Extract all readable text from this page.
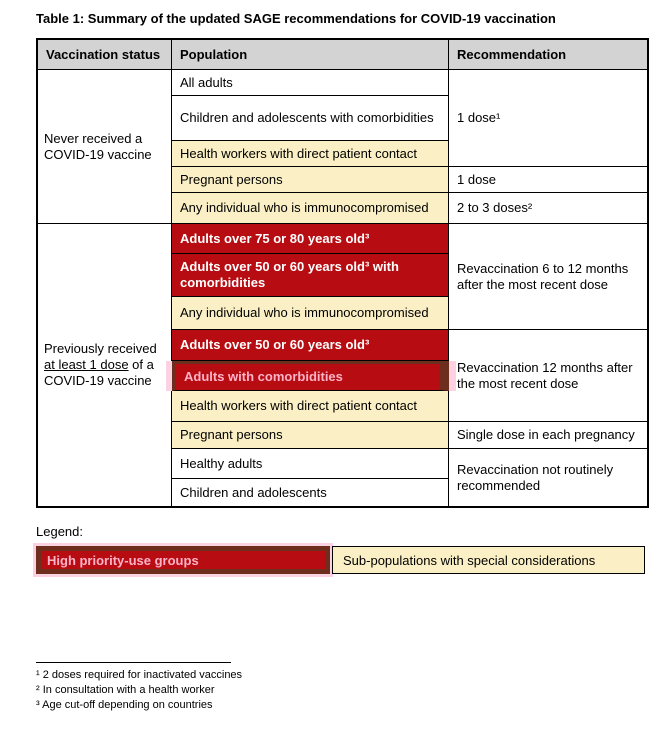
Table 1: Summary of the updated SAGE recommendations for COVID-19 vaccination
Vaccination status	Population	Recommendation
Never received a COVID-19 vaccine	All adults	1 dose¹
	Children and adolescents with comorbidities	
	Health workers with direct patient contact	
	Pregnant persons	1 dose
	Any individual who is immunocompromised	2 to 3 doses²
Previously received at least 1 dose of a COVID-19 vaccine	Adults over 75 or 80 years old³	Revaccination 6 to 12 months after the most recent dose
	Adults over 50 or 60 years old³ with comorbidities	
	Any individual who is immunocompromised	
	Adults over 50 or 60 years old³	Revaccination 12 months after the most recent dose
	Adults with comorbidities	
	Health workers with direct patient contact	
	Pregnant persons	Single dose in each pregnancy
	Healthy adults	Revaccination not routinely recommended
	Children and adolescents	
Legend:
High priority-use groups	Sub-populations with special considerations
¹ 2 doses required for inactivated vaccines
² In consultation with a health worker
³ Age cut-off depending on countries
